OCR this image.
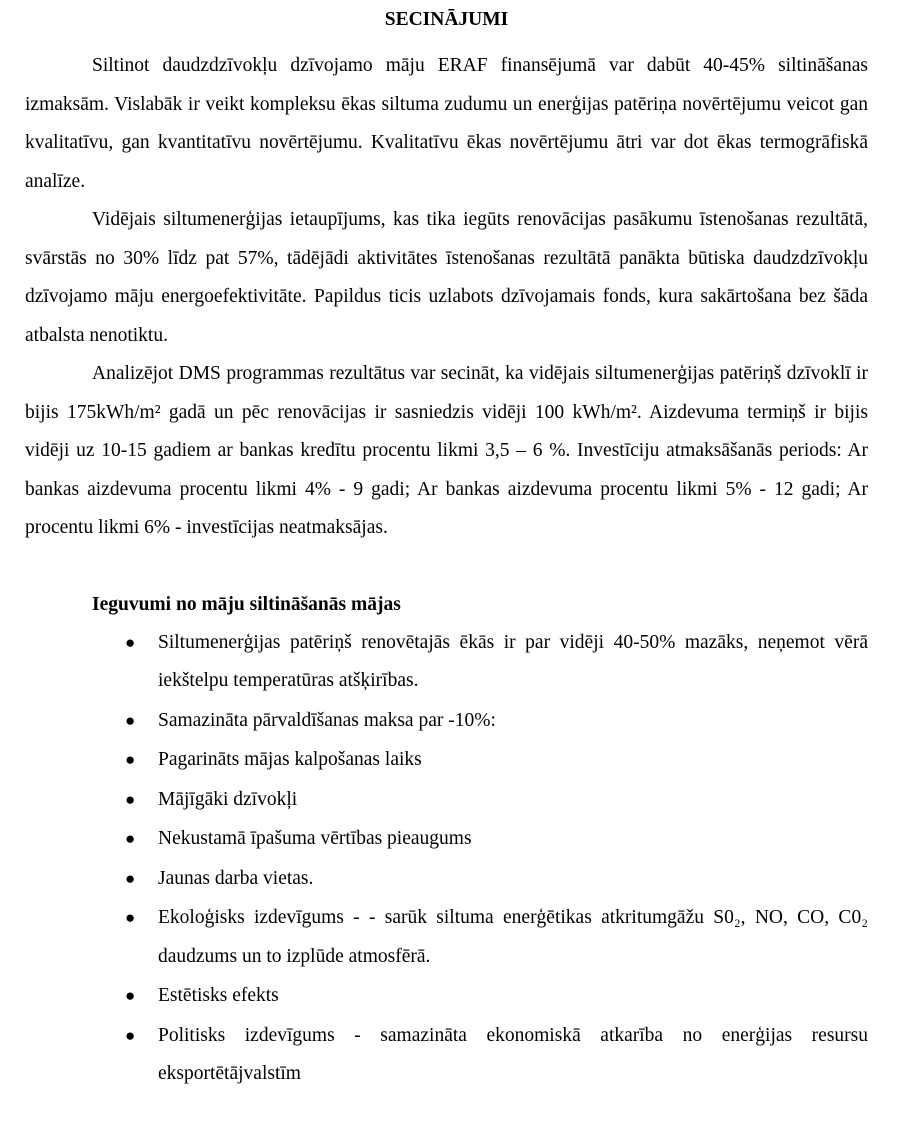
SECINĀJUMI

Siltinot daudzdzīvokļu dzīvojamo māju ERAF finansējumā var dabūt 40-45% siltināšanas izmaksām. Vislabāk ir veikt kompleksu ēkas siltuma zudumu un enerģijas patēriņa novērtējumu veicot gan kvalitatīvu, gan kvantitatīvu novērtējumu. Kvalitatīvu ēkas novērtējumu ātri var dot ēkas termogrāfiskā analīze.

Vidējais siltumenerģijas ietaupījums, kas tika iegūts renovācijas pasākumu īstenošanas rezultātā, svārstās no 30% līdz pat 57%, tādējādi aktivitātes īstenošanas rezultātā panākta būtiska daudzdzīvokļu dzīvojamo māju energoefektivitāte. Papildus ticis uzlabots dzīvojamais fonds, kura sakārtošana bez šāda atbalsta nenotiktu.

Analizējot DMS programmas rezultātus var secināt, ka vidējais siltumenerģijas patēriņš dzīvoklī ir bijis 175kWh/m² gadā un pēc renovācijas ir sasniedzis vidēji 100 kWh/m². Aizdevuma termiņš ir bijis vidēji uz 10-15 gadiem ar bankas kredītu procentu likmi 3,5 – 6 %. Investīciju atmaksāšanās periods: Ar bankas aizdevuma procentu likmi 4% - 9 gadi; Ar bankas aizdevuma procentu likmi 5% - 12 gadi; Ar procentu likmi 6% - investīcijas neatmaksājas.

Ieguvumi no māju siltināšanās mājas
● Siltumenerģijas patēriņš renovētajās ēkās ir par vidēji 40-50% mazāks, neņemot vērā iekštelpu temperatūras atšķirības.
● Samazināta pārvaldīšanas maksa par -10%:
● Pagarināts mājas kalpošanas laiks
● Mājīgāki dzīvokļi
● Nekustamā īpašuma vērtības pieaugums
● Jaunas darba vietas.
● Ekoloģisks izdevīgums - - sarūk siltuma enerģētikas atkritumgāžu S0₂, NO, CO, C0₂ daudzums un to izplūde atmosfērā.
● Estētisks efekts
● Politisks izdevīgums - samazināta ekonomiskā atkarība no enerģijas resursu eksportētājvalstīm
